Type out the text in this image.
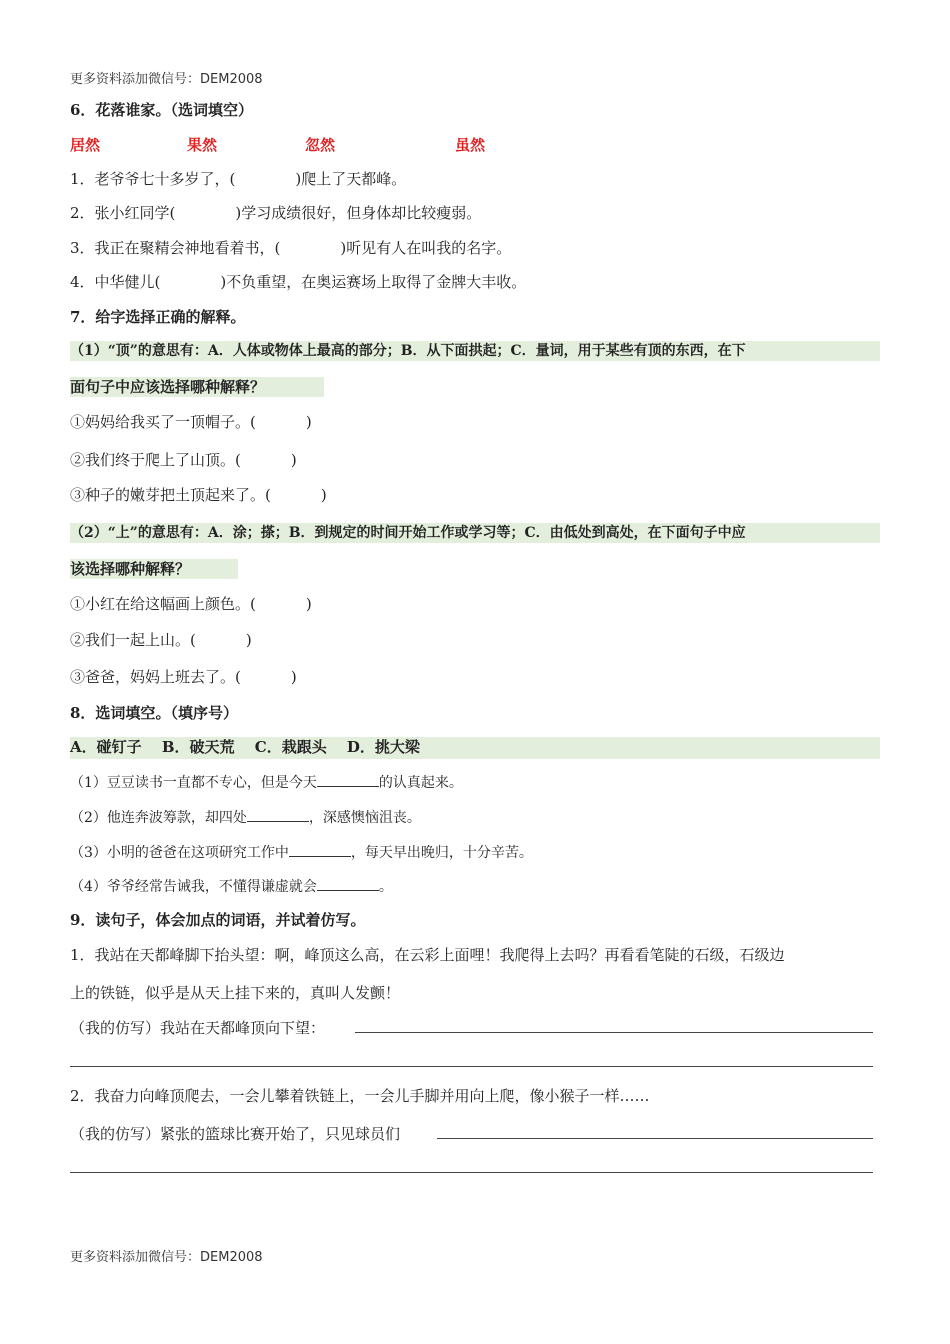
更多资料添加微信号：DEM2008
6．花落谁家。（选词填空）
居然	果然	忽然	虽然
1．老爷爷七十多岁了，(	)爬上了天都峰。
2．张小红同学(	)学习成绩很好，但身体却比较瘦弱。
3．我正在聚精会神地看着书，(	)听见有人在叫我的名字。
4．中华健儿(	)不负重望，在奥运赛场上取得了金牌大丰收。
7．给字选择正确的解释。
（1）“顶”的意思有：A．人体或物体上最高的部分；B．从下面拱起；C．量词，用于某些有顶的东西，在下
面句子中应该选择哪种解释？
①妈妈给我买了一顶帽子。(	)
②我们终于爬上了山顶。(	)
③种子的嫩芽把土顶起来了。(	)
（2）“上”的意思有：A．涂；搽；B．到规定的时间开始工作或学习等；C．由低处到高处，在下面句子中应
该选择哪种解释？
①小红在给这幅画上颜色。(	)
②我们一起上山。(	)
③爸爸，妈妈上班去了。(	)
8．选词填空。（填序号）
A．碰钉子　 B．破天荒　 C．栽跟头　 D．挑大梁
（1）豆豆读书一直都不专心，但是今天	的认真起来。
（2）他连奔波筹款，却四处	，深感懊恼沮丧。
（3）小明的爸爸在这项研究工作中	，每天早出晚归，十分辛苦。
（4）爷爷经常告诫我，不懂得谦虚就会	。
9．读句子，体会加点的词语，并试着仿写。
1．我站在天都峰脚下抬头望：啊，峰顶这么高，在云彩上面哩！我爬得上去吗？再看看笔陡的石级，石级边
上的铁链，似乎是从天上挂下来的，真叫人发颤！
（我的仿写）我站在天都峰顶向下望：
2．我奋力向峰顶爬去，一会儿攀着铁链上，一会儿手脚并用向上爬，像小猴子一样……
（我的仿写）紧张的篮球比赛开始了，只见球员们
更多资料添加微信号：DEM2008
